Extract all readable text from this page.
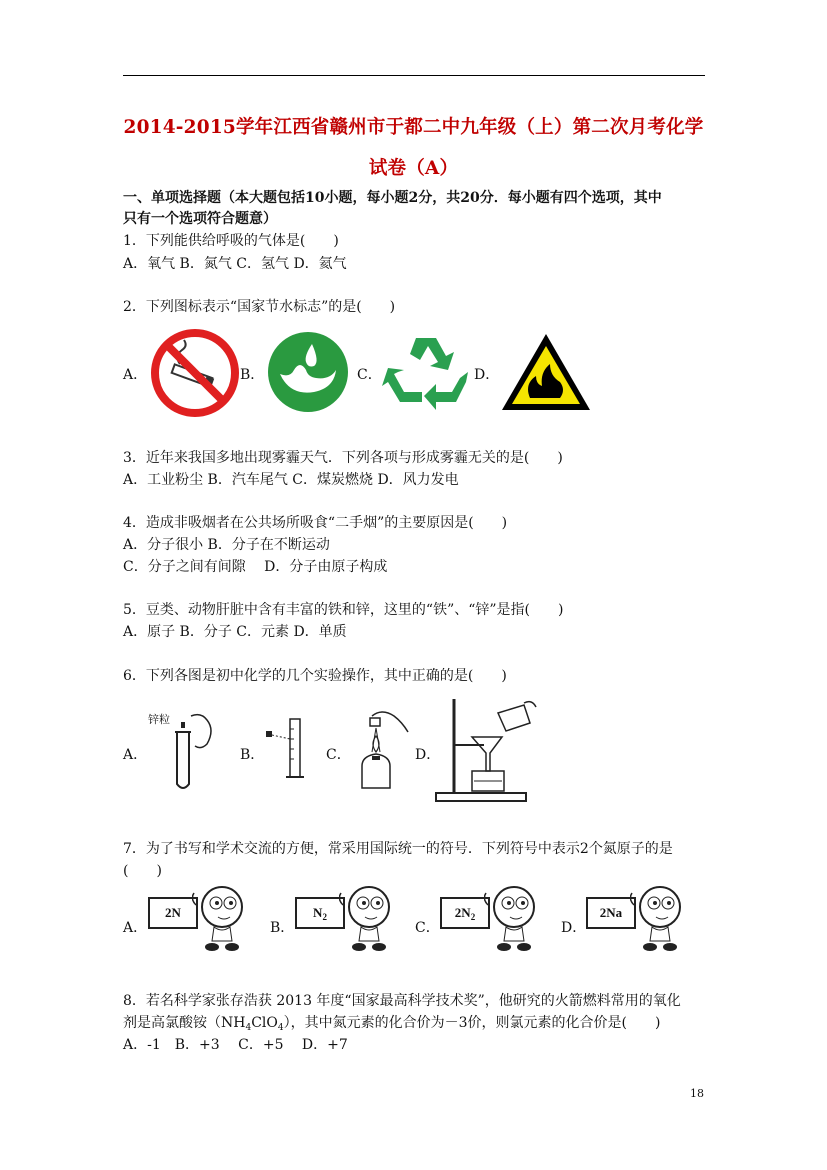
2014-2015学年江西省赣州市于都二中九年级（上）第二次月考化学
试卷（A）
一、单项选择题（本大题包括10小题，每小题2分，共20分．每小题有四个选项，其中
只有一个选项符合题意）
1．下列能供给呼吸的气体是(　　)
A．氧气 B．氮气 C．氢气 D．氦气
2．下列图标表示“国家节水标志”的是(　　)
A．	B．	C．	D．
3．近年来我国多地出现雾霾天气．下列各项与形成雾霾无关的是(　　)
A．工业粉尘 B．汽车尾气 C．煤炭燃烧 D．风力发电
4．造成非吸烟者在公共场所吸食“二手烟”的主要原因是(　　)
A．分子很小 B．分子在不断运动
C．分子之间有间隙　 D．分子由原子构成
5．豆类、动物肝脏中含有丰富的铁和锌，这里的“铁”、“锌”是指(　　)
A．原子 B．分子 C．元素 D．单质
6．下列各图是初中化学的几个实验操作，其中正确的是(　　)
A．	B．	C．	D．
锌粒
7．为了书写和学术交流的方便，常采用国际统一的符号．下列符号中表示2个氮原子的是
(　　)
A．	B．	C．	D．
2N	$N_2$	$2N_2$	2Na
8．若名科学家张存浩获 2013 年度“国家最高科学技术奖”，他研究的火箭燃料常用的氧化
剂是高氯酸铵$(NH_4ClO_4)$，其中氮元素的化合价为－3价，则氯元素的化合价是(　　)
A．-1　B．+3　 C．+5　 D．+7
18
